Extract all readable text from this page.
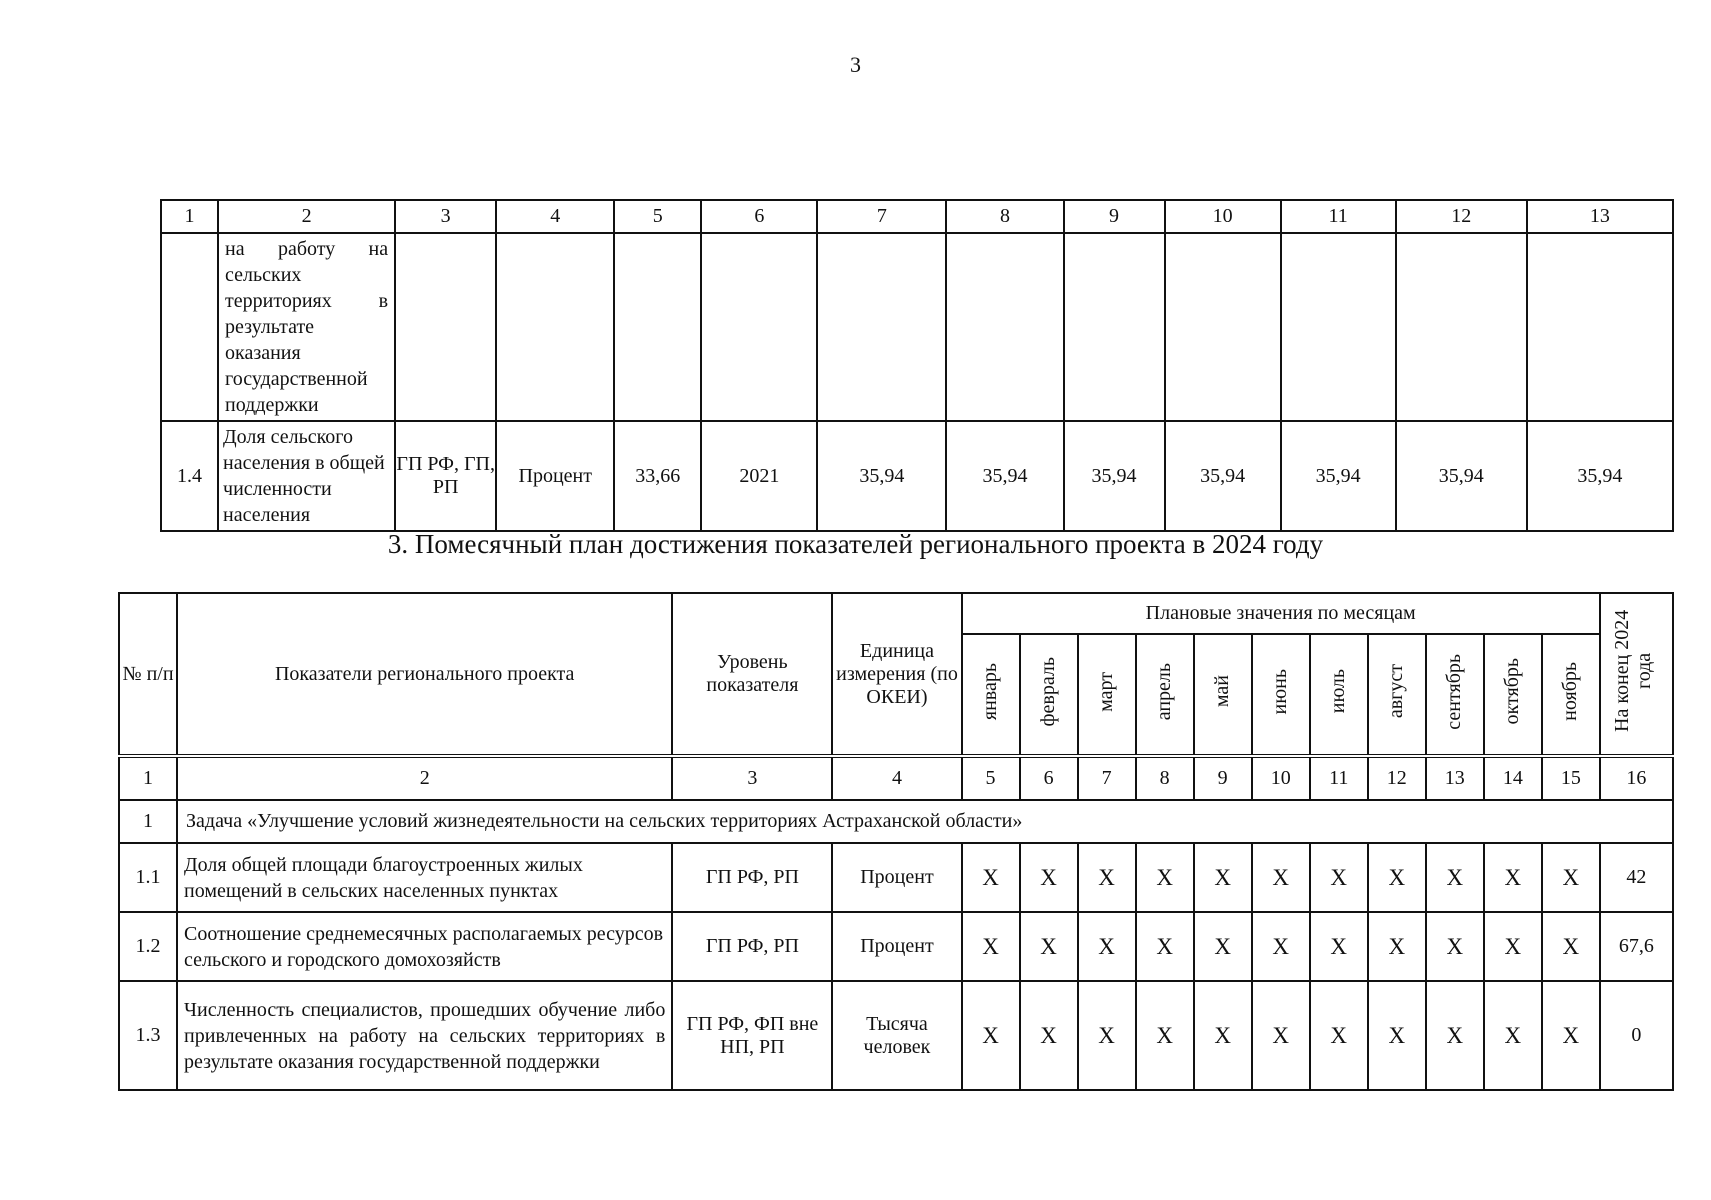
3
1	2	3	4	5	6	7	8	9	10	11	12	13
	на работу на сельских территориях в результате оказания государственной поддержки											
1.4	Доля сельского населения в общей численности населения	ГП РФ, ГП, РП	Процент	33,66	2021	35,94	35,94	35,94	35,94	35,94	35,94	35,94
3. Помесячный план достижения показателей регионального проекта в 2024 году
№ п/п	Показатели регионального проекта	Уровень показателя	Единица измерения (по ОКЕИ)	Плановые значения по месяцам											На конец 2024 года
				январь	февраль	март	апрель	май	июнь	июль	август	сентябрь	октябрь	ноябрь	
1	2	3	4	5	6	7	8	9	10	11	12	13	14	15	16
1	Задача «Улучшение условий жизнедеятельности на сельских территориях Астраханской области»														
1.1	Доля общей площади благоустроенных жилых помещений в сельских населенных пунктах	ГП РФ, РП	Процент	X	X	X	X	X	X	X	X	X	X	X	42
1.2	Соотношение среднемесячных располагаемых ресурсов сельского и городского домохозяйств	ГП РФ, РП	Процент	X	X	X	X	X	X	X	X	X	X	X	67,6
1.3	Численность специалистов, прошедших обучение либо привлеченных на работу на сельских территориях в результате оказания государственной поддержки	ГП РФ, ФП вне НП, РП	Тысяча человек	X	X	X	X	X	X	X	X	X	X	X	0
